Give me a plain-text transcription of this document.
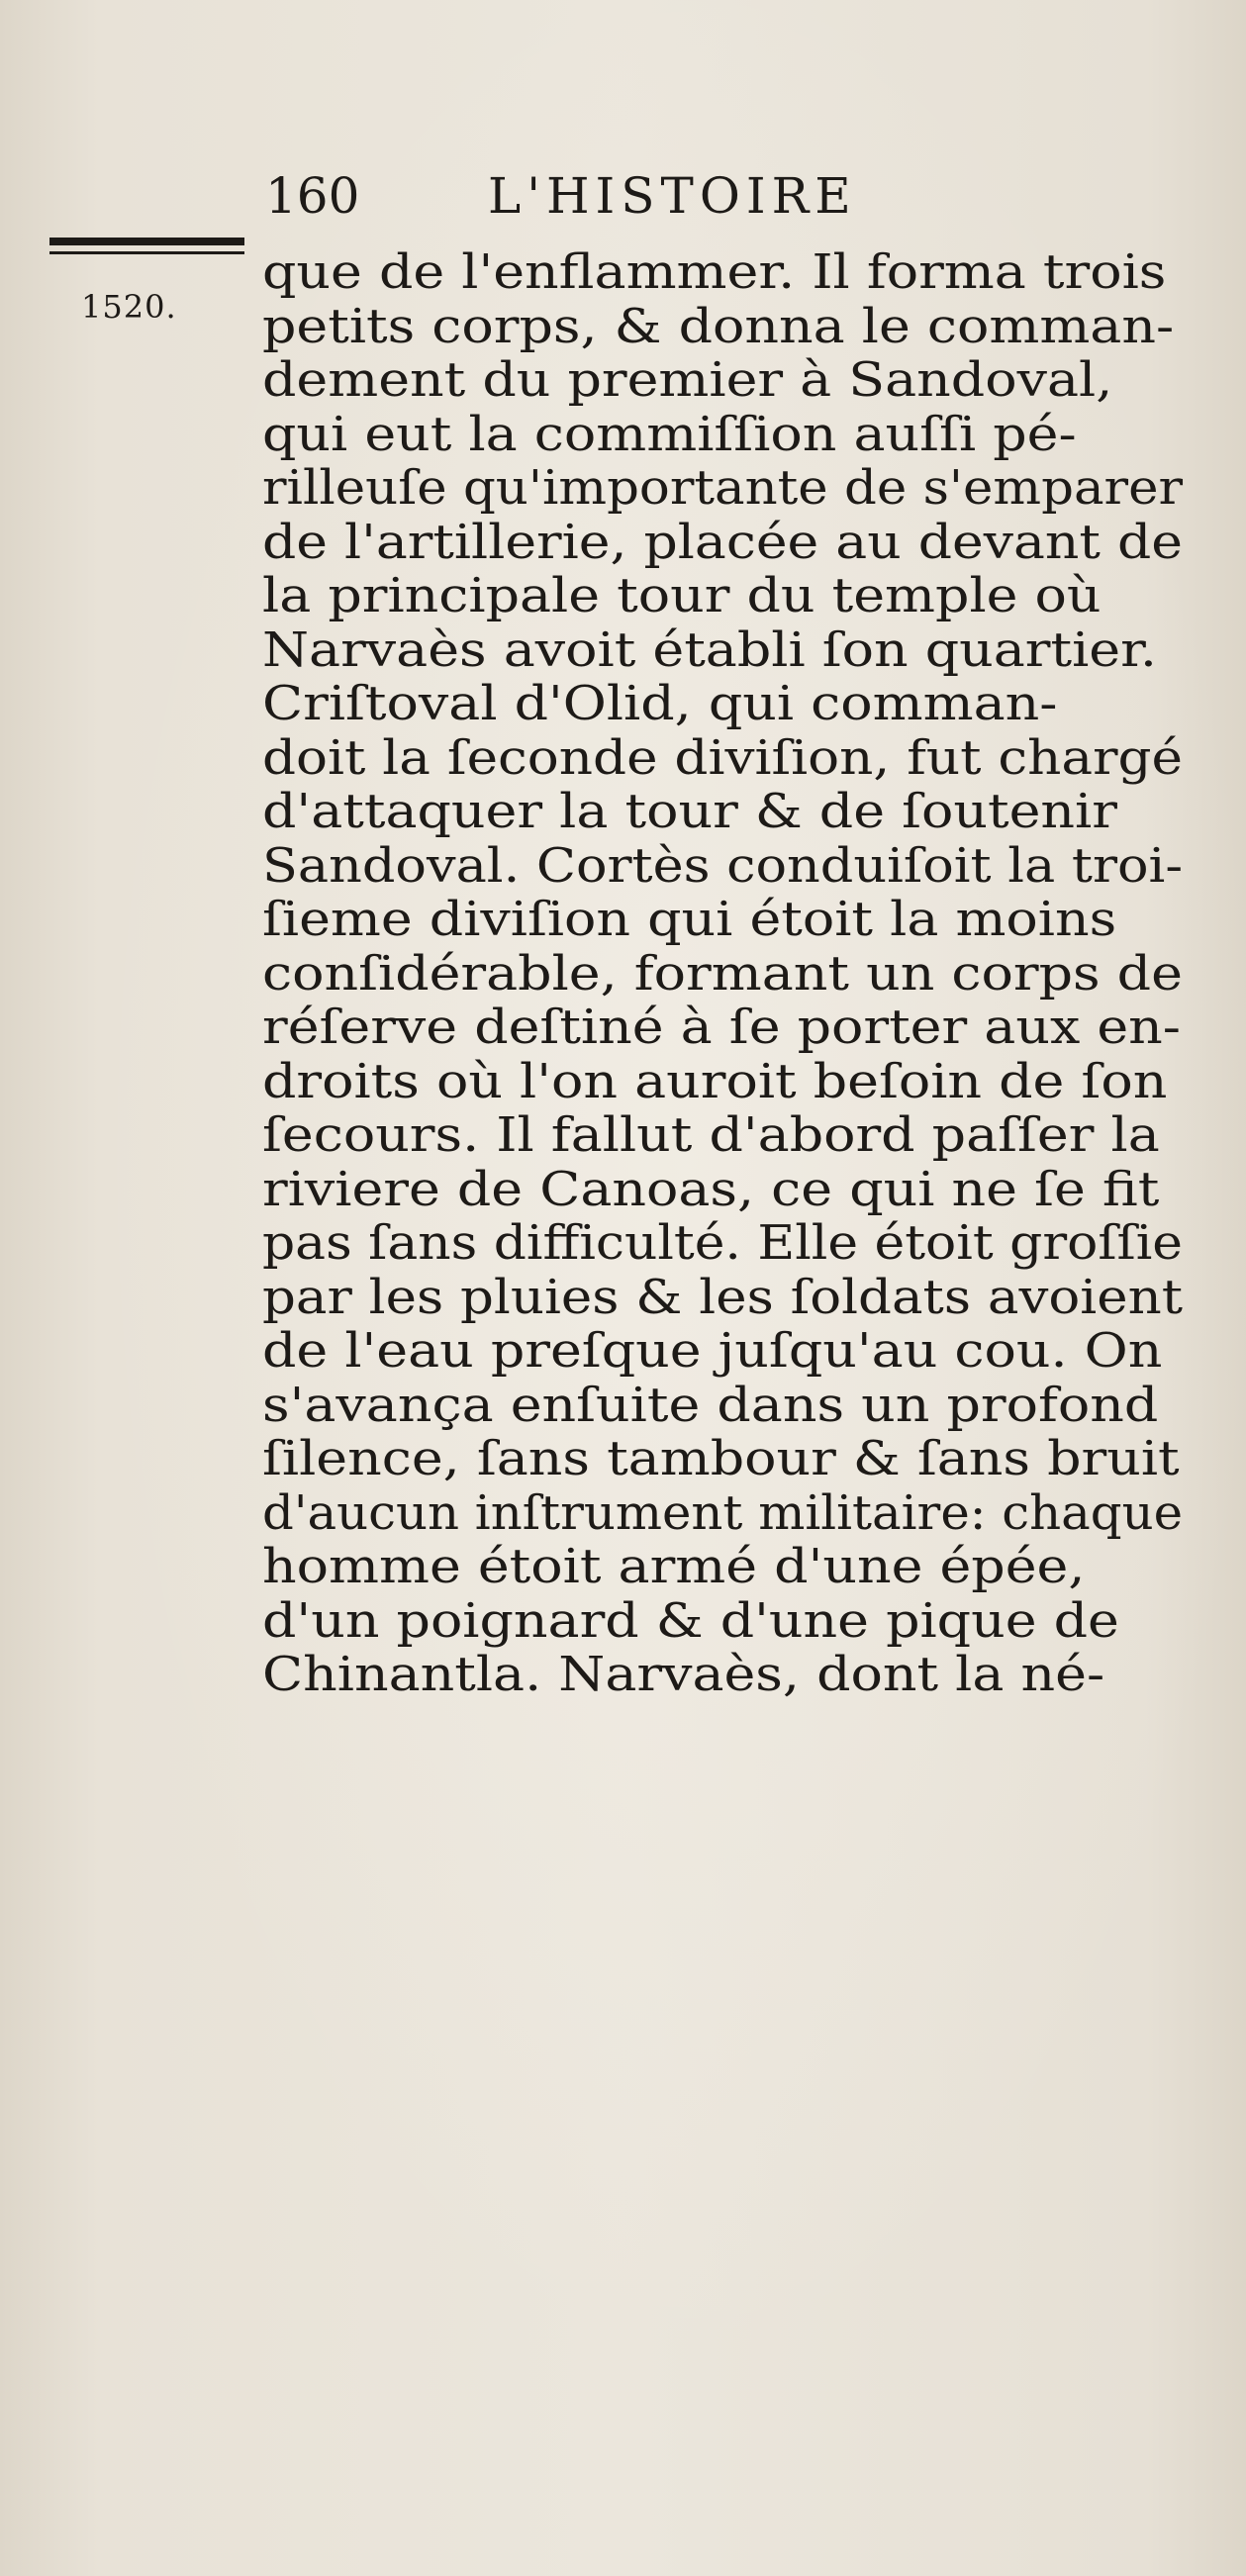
160	L'HISTOIRE
1520.
que de l'enflammer. Il forma trois
petits corps, & donna le comman-
dement du premier à Sandoval,
qui eut la commiſſion auſſi pé-
rilleuſe qu'importante de s'emparer
de l'artillerie, placée au devant de
la principale tour du temple où
Narvaès avoit établi ſon quartier.
Criſtoval d'Olid, qui comman-
doit la ſeconde diviſion, fut chargé
d'attaquer la tour & de ſoutenir
Sandoval. Cortès conduiſoit la troi-
ſieme diviſion qui étoit la moins
conſidérable, formant un corps de
réſerve deſtiné à ſe porter aux en-
droits où l'on auroit beſoin de ſon
ſecours. Il fallut d'abord paſſer la
riviere de Canoas, ce qui ne ſe fit
pas ſans difficulté. Elle étoit groſſie
par les pluies & les ſoldats avoient
de l'eau preſque juſqu'au cou. On
s'avança enſuite dans un profond
ſilence, ſans tambour & ſans bruit
d'aucun inſtrument militaire: chaque
homme étoit armé d'une épée,
d'un poignard & d'une pique de
Chinantla. Narvaès, dont la né-
